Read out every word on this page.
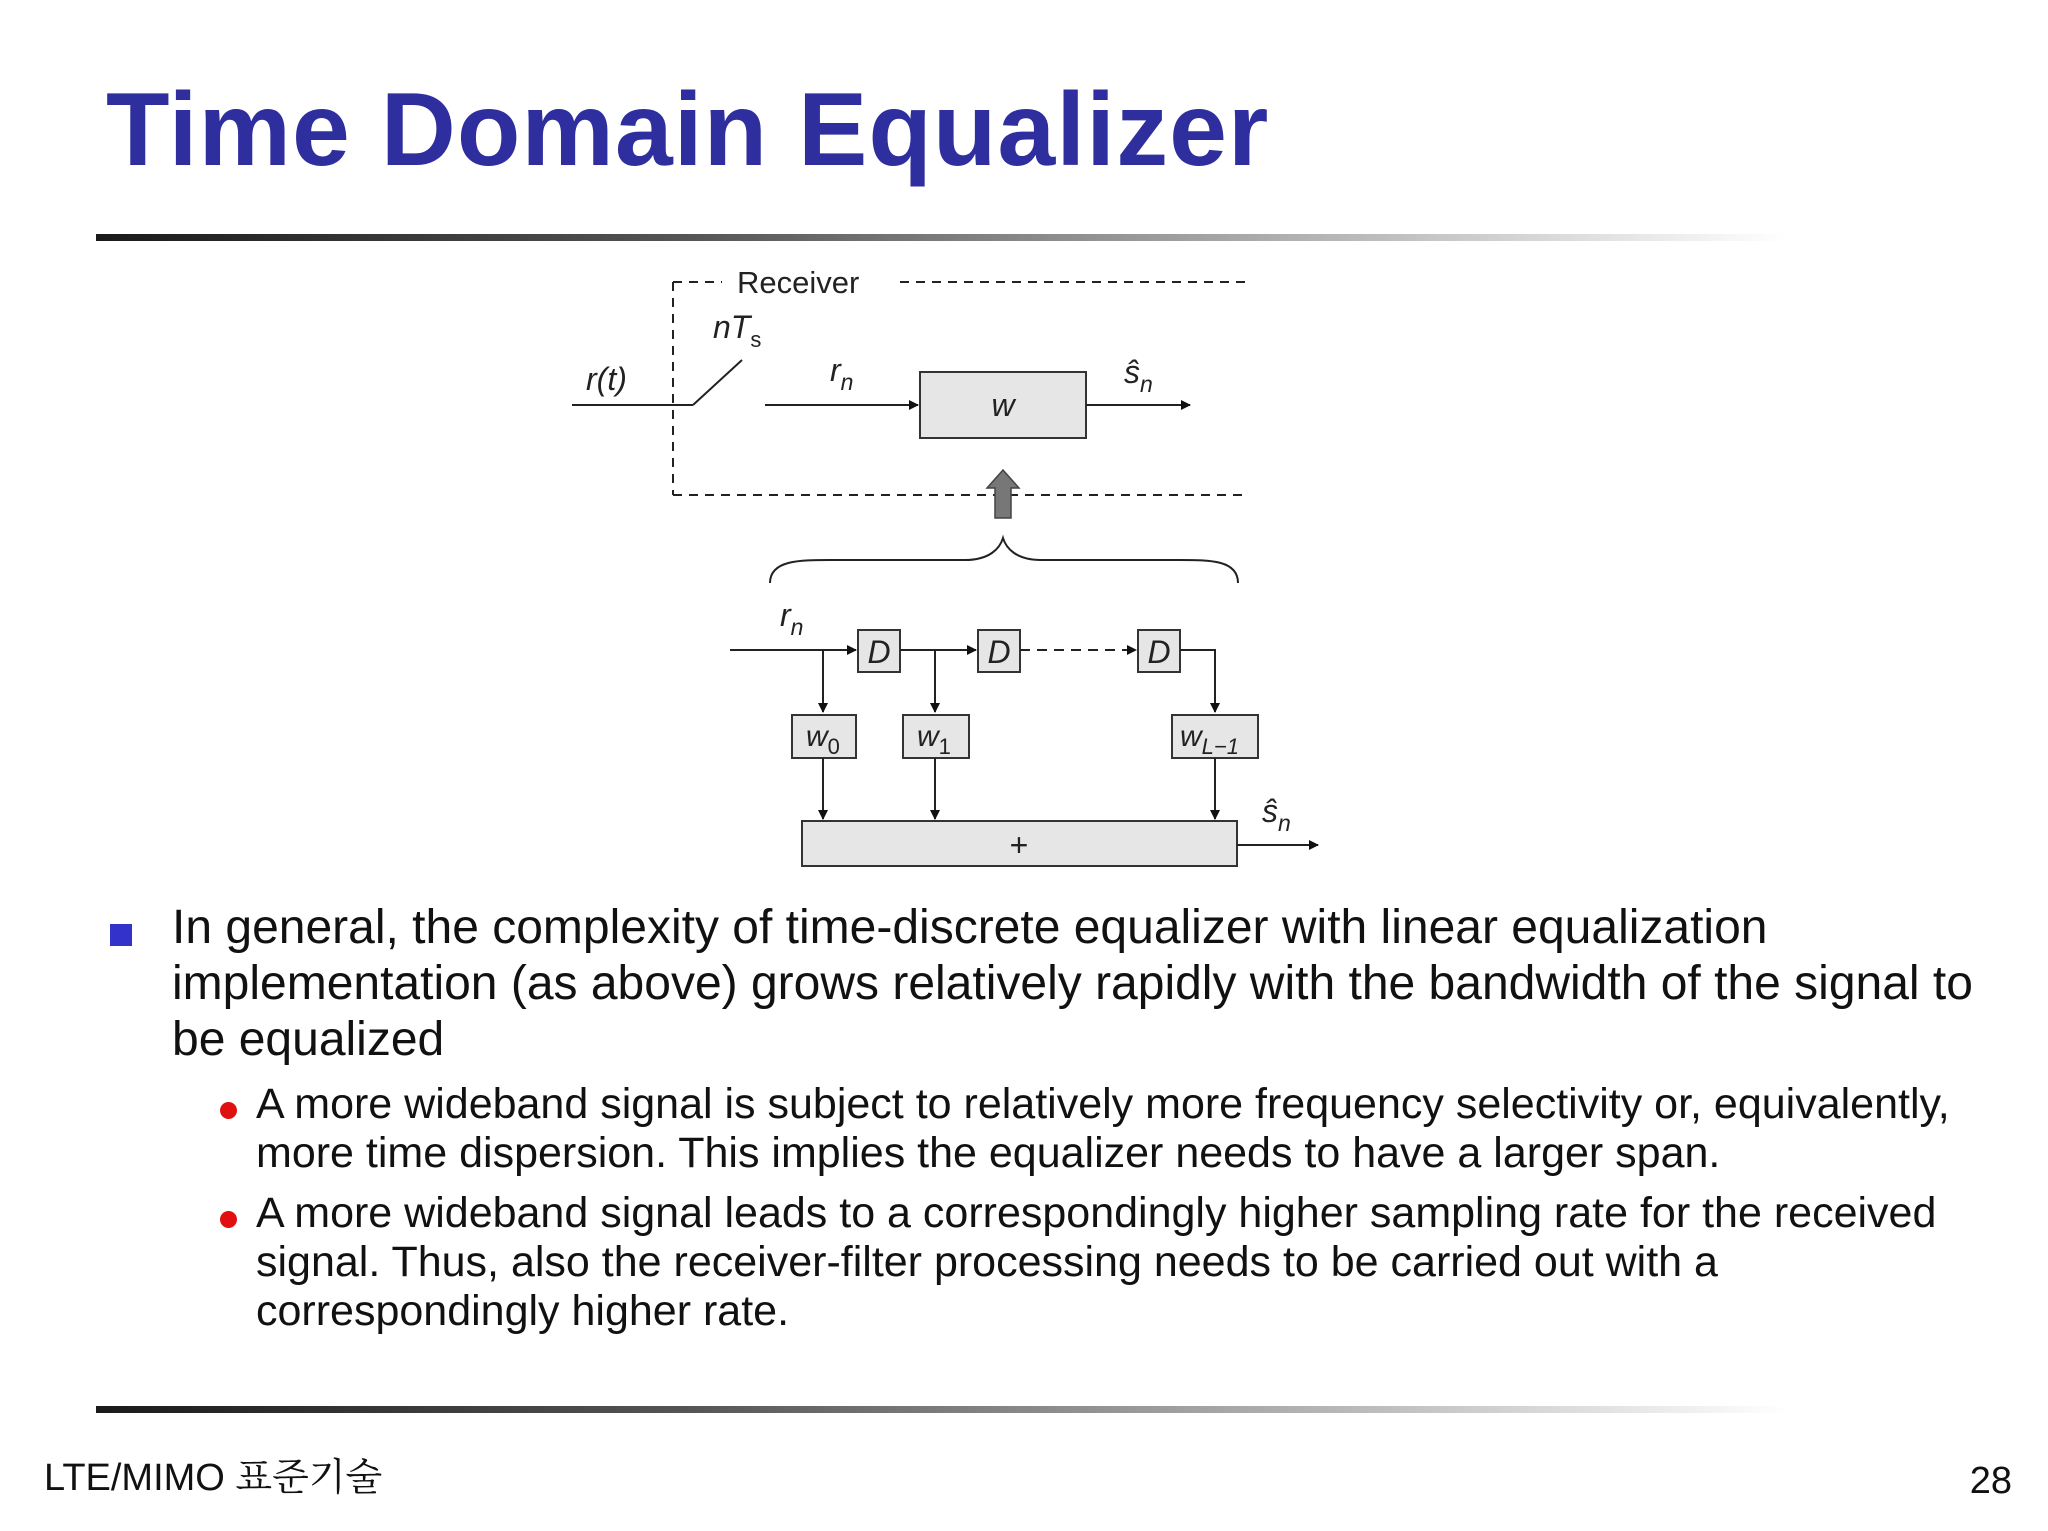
Time Domain Equalizer
Receiver
$nT_s$
r(t)	$r_n$
w
$ŝ_n$
$r_n$
D	D	D
$w_0$	$w_1$	$w_{L-1}$
+
$ŝ_n$
In general, the complexity of time-discrete equalizer with linear equalization implementation (as above) grows relatively rapidly with the bandwidth of the signal to be equalized
A more wideband signal is subject to relatively more frequency selectivity or, equivalently, more time dispersion. This implies the equalizer needs to have a larger span.
A more wideband signal leads to a correspondingly higher sampling rate for the received signal. Thus, also the receiver-filter processing needs to be carried out with a correspondingly higher rate.
LTE/MIMO 표준기술	28
